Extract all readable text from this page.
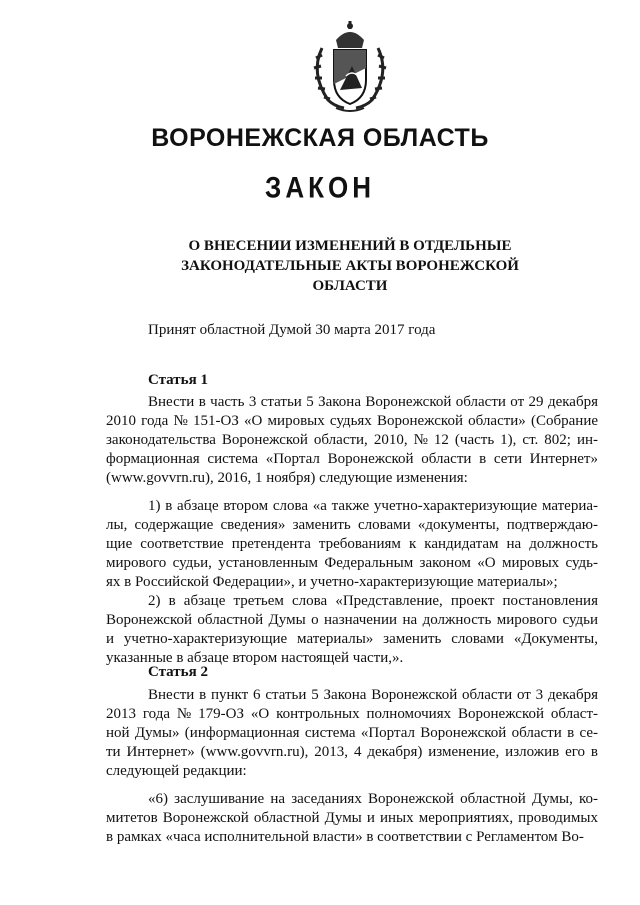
ВОРОНЕЖСКАЯ ОБЛАСТЬ
ЗАКОН
О ВНЕСЕНИИ ИЗМЕНЕНИЙ В ОТДЕЛЬНЫЕ
ЗАКОНОДАТЕЛЬНЫЕ АКТЫ ВОРОНЕЖСКОЙ
ОБЛАСТИ
Принят областной Думой 30 марта 2017 года
Статья 1
Внести в часть 3 статьи 5 Закона Воронежской области от 29 декабря
2010 года № 151-ОЗ «О мировых судьях Воронежской области» (Собрание
законодательства Воронежской области, 2010, № 12 (часть 1), ст. 802; ин-
формационная система «Портал Воронежской области в сети Интернет»
(www.govvrn.ru), 2016, 1 ноября) следующие изменения:
1) в абзаце втором слова «а также учетно-характеризующие материа-
лы, содержащие сведения» заменить словами «документы, подтверждаю-
щие соответствие претендента требованиям к кандидатам на должность
мирового судьи, установленным Федеральным законом «О мировых судь-
ях в Российской Федерации», и учетно-характеризующие материалы»;
2) в абзаце третьем слова «Представление, проект постановления
Воронежской областной Думы о назначении на должность мирового судьи
и учетно-характеризующие материалы» заменить словами «Документы,
указанные в абзаце втором настоящей части,».
Статья 2
Внести в пункт 6 статьи 5 Закона Воронежской области от 3 декабря
2013 года № 179-ОЗ «О контрольных полномочиях Воронежской област-
ной Думы» (информационная система «Портал Воронежской области в се-
ти Интернет» (www.govvrn.ru), 2013, 4 декабря) изменение, изложив его в
следующей редакции:
«6) заслушивание на заседаниях Воронежской областной Думы, ко-
митетов Воронежской областной Думы и иных мероприятиях, проводимых
в рамках «часа исполнительной власти» в соответствии с Регламентом Во-
